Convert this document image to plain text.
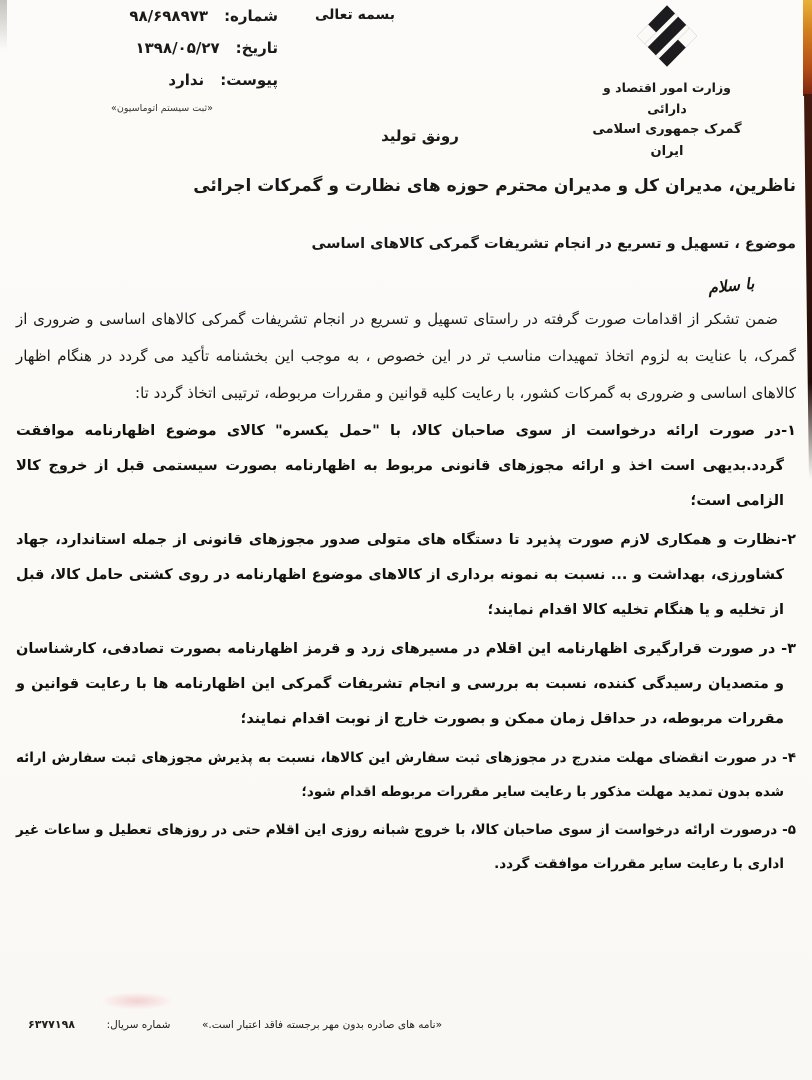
شماره:
۹۸/۶۹۸۹۷۳
تاریخ:
۱۳۹۸/۰۵/۲۷
پیوست:
ندارد
«ثبت سیستم اتوماسیون»
بسمه تعالی
وزارت امور اقتصاد و دارائی
گمرک جمهوری اسلامی ایران
رونق تولید
ناظرین، مدیران کل و مدیران محترم حوزه های نظارت و گمرکات اجرائی
موضوع ، تسهیل و تسریع در انجام تشریفات گمرکی کالاهای اساسی
با سلام

ضمن تشکر از اقدامات صورت گرفته در راستای تسهیل و تسریع در انجام تشریفات گمرکی کالاهای اساسی و ضروری از گمرک، با عنایت به لزوم اتخاذ تمهیدات مناسب تر در این خصوص ، به موجب این بخشنامه تأکید می گردد در هنگام اظهار کالاهای اساسی و ضروری به گمرکات کشور، با رعایت کلیه قوانین و مقررات مربوطه، ترتیبی اتخاذ گردد تا:

۱-در صورت ارائه درخواست از سوی صاحبان کالا، با "حمل یکسره" کالای موضوع اظهارنامه موافقت گردد.بدیهی است اخذ و ارائه مجوزهای قانونی مربوط به اظهارنامه بصورت سیستمی قبل از خروج کالا الزامی است؛

۲-نظارت و همکاری لازم صورت پذیرد تا دستگاه های متولی صدور مجوزهای قانونی از جمله استاندارد، جهاد کشاورزی، بهداشت و ... نسبت به نمونه برداری از کالاهای موضوع اظهارنامه در روی کشتی حامل کالا، قبل از تخلیه و یا هنگام تخلیه کالا اقدام نمایند؛

۳- در صورت قرارگیری اظهارنامه این اقلام در مسیرهای زرد و قرمز اظهارنامه بصورت تصادفی، کارشناسان و متصدیان رسیدگی کننده، نسبت به بررسی و انجام تشریفات گمرکی این اظهارنامه ها با رعایت قوانین و مقررات مربوطه، در حداقل زمان ممکن و بصورت خارج از نوبت اقدام نمایند؛

۴- در صورت انقضای مهلت مندرج در مجوزهای ثبت سفارش این کالاها، نسبت به پذیرش مجوزهای ثبت سفارش ارائه شده بدون تمدید مهلت مذکور با رعایت سایر مقررات مربوطه اقدام شود؛

۵- درصورت ارائه درخواست از سوی صاحبان کالا، با خروج شبانه روزی این اقلام حتی در روزهای تعطیل و ساعات غیر اداری با رعایت سایر مقررات موافقت گردد.

«نامه های صادره بدون مهر برجسته فاقد اعتبار است.»
شماره سریال:
۶۳۷۷۱۹۸
